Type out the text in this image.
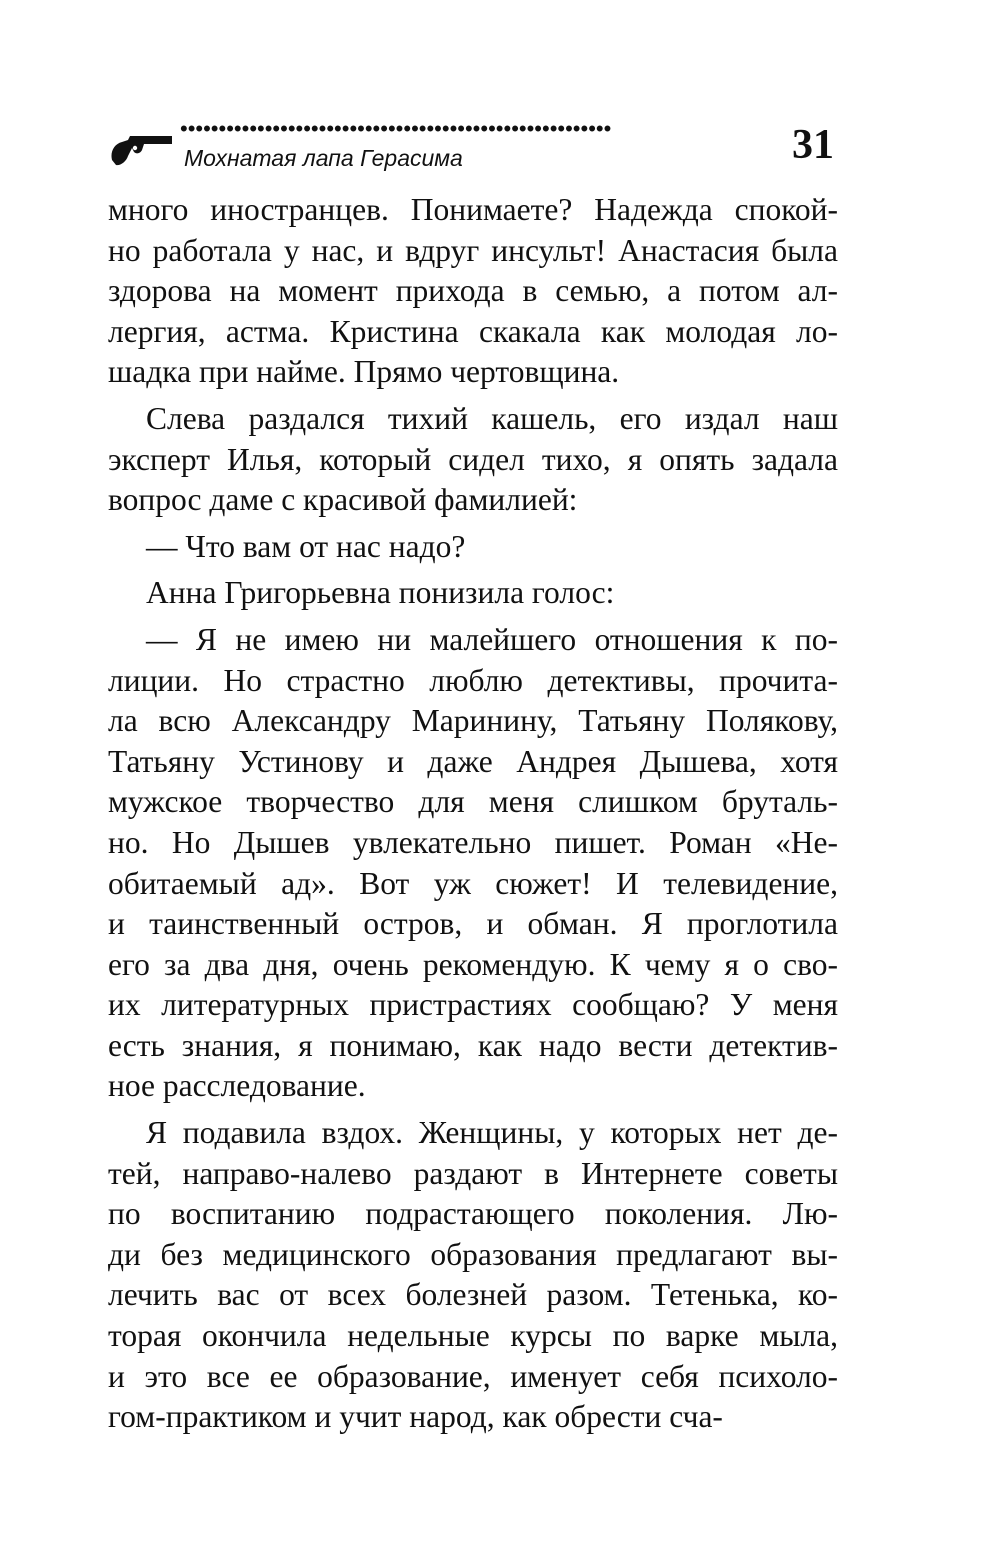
••••••••••••••••••••••••••••••••••••••••••••••••••••••••
Мохнатая лапа Герасима	31
много иностранцев. Понимаете? Надежда спокой-
но работала у нас, и вдруг инсульт! Анастасия была
здорова на момент прихода в семью, а потом ал-
лергия, астма. Кристина скакала как молодая ло-
шадка при найме. Прямо чертовщина.
Слева раздался тихий кашель, его издал наш
эксперт Илья, который сидел тихо, я опять задала
вопрос даме с красивой фамилией:
— Что вам от нас надо?
Анна Григорьевна понизила голос:
— Я не имею ни малейшего отношения к по-
лиции. Но страстно люблю детективы, прочита-
ла всю Александру Маринину, Татьяну Полякову,
Татьяну Устинову и даже Андрея Дышева, хотя
мужское творчество для меня слишком бруталь-
но. Но Дышев увлекательно пишет. Роман «Не-
обитаемый ад». Вот уж сюжет! И телевидение,
и таинственный остров, и обман. Я проглотила
его за два дня, очень рекомендую. К чему я о сво-
их литературных пристрастиях сообщаю? У меня
есть знания, я понимаю, как надо вести детектив-
ное расследование.
Я подавила вздох. Женщины, у которых нет де-
тей, направо-налево раздают в Интернете советы
по воспитанию подрастающего поколения. Лю-
ди без медицинского образования предлагают вы-
лечить вас от всех болезней разом. Тетенька, ко-
торая окончила недельные курсы по варке мыла,
и это все ее образование, именует себя психоло-
гом-практиком и учит народ, как обрести сча-
